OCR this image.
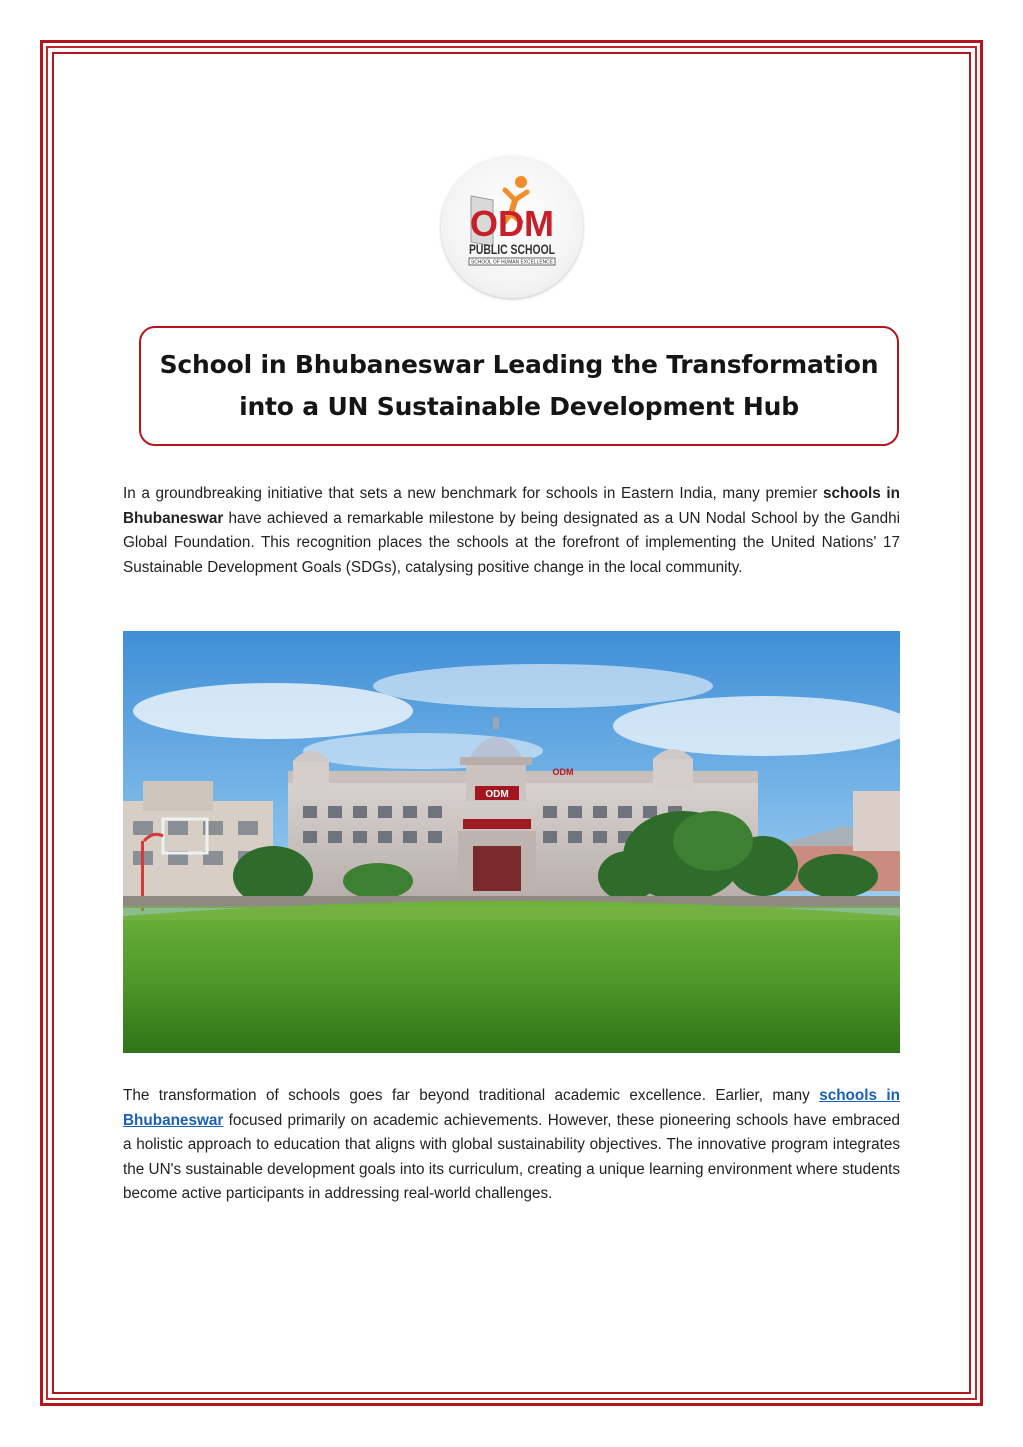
ODM
PUBLIC SCHOOL
SCHOOL OF HUMAN EXCELLENCE
School in Bhubaneswar Leading the Transformation
into a UN Sustainable Development Hub

In a groundbreaking initiative that sets a new benchmark for schools in Eastern India, many premier schools in Bhubaneswar have achieved a remarkable milestone by being designated as a UN Nodal School by the Gandhi Global Foundation. This recognition places the schools at the forefront of implementing the United Nations' 17 Sustainable Development Goals (SDGs), catalysing positive change in the local community.

ODM
ODM

The transformation of schools goes far beyond traditional academic excellence. Earlier, many schools in Bhubaneswar focused primarily on academic achievements. However, these pioneering schools have embraced a holistic approach to education that aligns with global sustainability objectives. The innovative program integrates the UN's sustainable development goals into its curriculum, creating a unique learning environment where students become active participants in addressing real-world challenges.
